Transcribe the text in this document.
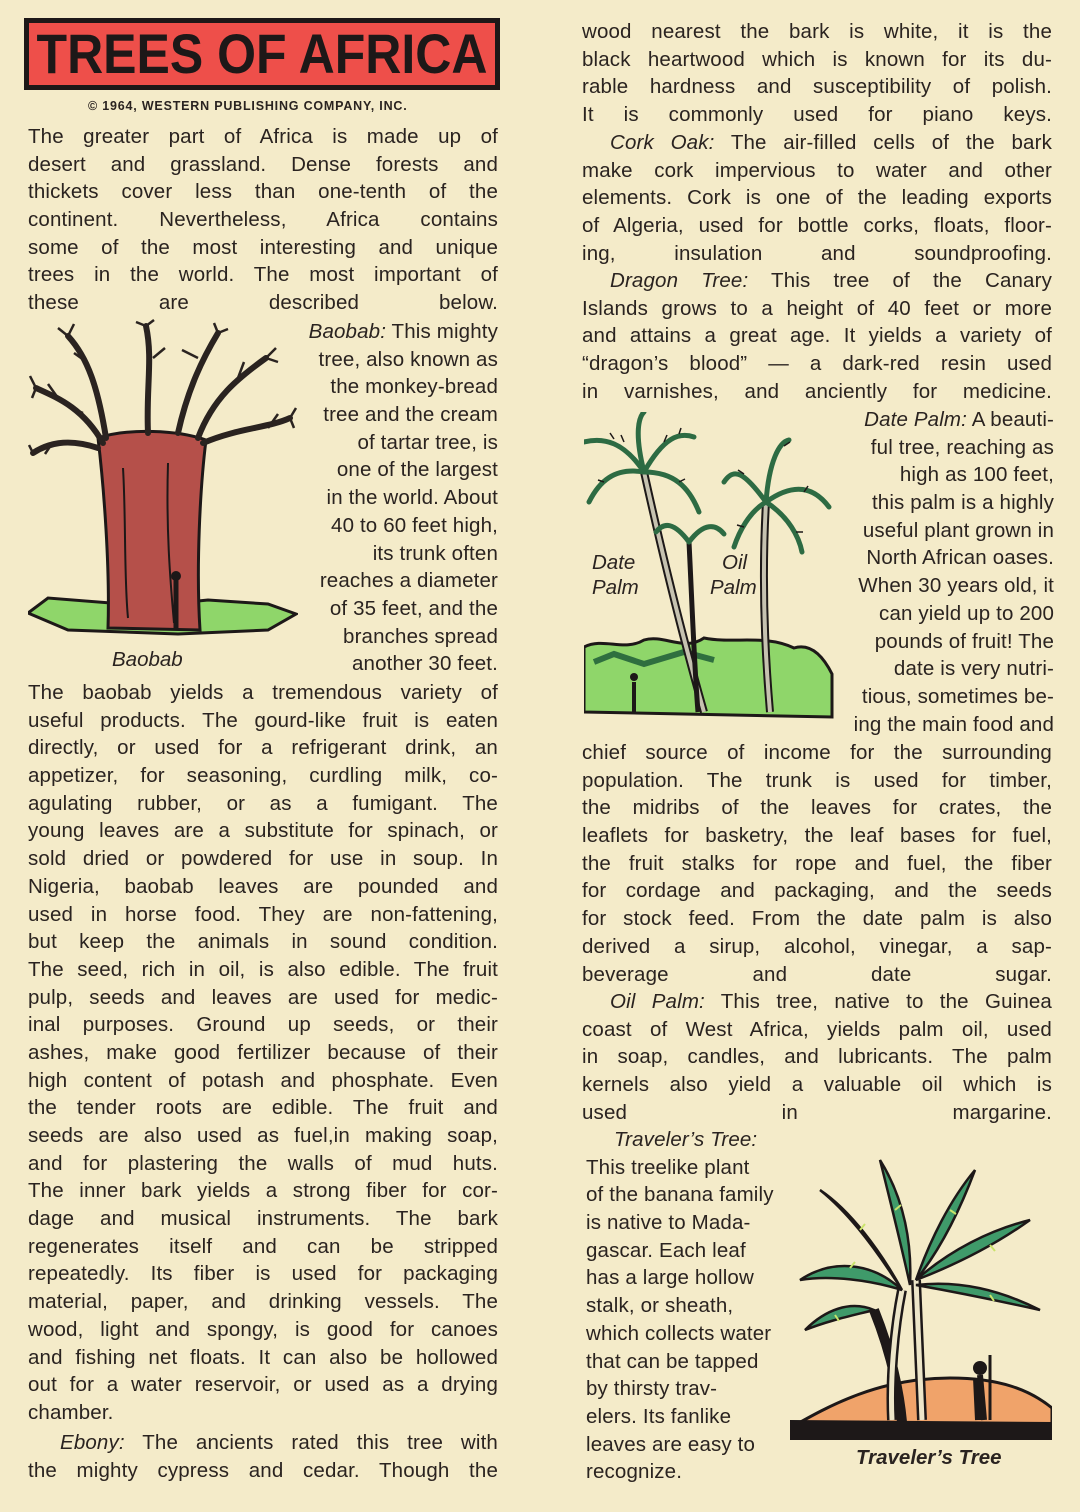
TREES OF AFRICA
© 1964, WESTERN PUBLISHING COMPANY, INC.
The greater part of Africa is made up of
desert and grassland. Dense forests and
thickets cover less than one-tenth of the
continent. Nevertheless, Africa contains
some of the most interesting and unique
trees in the world. The most important of
these are described below.
Baobab
Baobab: This mighty
tree, also known as
the monkey-bread
tree and the cream
of tartar tree, is
one of the largest
in the world. About
40 to 60 feet high,
its trunk often
reaches a diameter
of 35 feet, and the
branches spread
another 30 feet.
The baobab yields a tremendous variety of
useful products. The gourd-like fruit is eaten
directly, or used for a refrigerant drink, an
appetizer, for seasoning, curdling milk, co-
agulating rubber, or as a fumigant. The
young leaves are a substitute for spinach, or
sold dried or powdered for use in soup. In
Nigeria, baobab leaves are pounded and
used in horse food. They are non-fattening,
but keep the animals in sound condition.
The seed, rich in oil, is also edible. The fruit
pulp, seeds and leaves are used for medic-
inal purposes. Ground up seeds, or their
ashes, make good fertilizer because of their
high content of potash and phosphate. Even
the tender roots are edible. The fruit and
seeds are also used as fuel,in making soap,
and for plastering the walls of mud huts.
The inner bark yields a strong fiber for cor-
dage and musical instruments. The bark
regenerates itself and can be stripped
repeatedly. Its fiber is used for packaging
material, paper, and drinking vessels. The
wood, light and spongy, is good for canoes
and fishing net floats. It can also be hollowed
out for a water reservoir, or used as a drying
chamber.
Ebony: The ancients rated this tree with
the mighty cypress and cedar. Though the
wood nearest the bark is white, it is the
black heartwood which is known for its du-
rable hardness and susceptibility of polish.
It is commonly used for piano keys.
Cork Oak: The air-filled cells of the bark
make cork impervious to water and other
elements. Cork is one of the leading exports
of Algeria, used for bottle corks, floats, floor-
ing, insulation and soundproofing.
Dragon Tree: This tree of the Canary
Islands grows to a height of 40 feet or more
and attains a great age. It yields a variety of
“dragon’s blood” — a dark-red resin used
in varnishes, and anciently for medicine.
Date
Palm
Oil
Palm
Date Palm: A beauti-
ful tree, reaching as
high as 100 feet,
this palm is a highly
useful plant grown in
North African oases.
When 30 years old, it
can yield up to 200
pounds of fruit! The
date is very nutri-
tious, sometimes be-
ing the main food and
chief source of income for the surrounding
population. The trunk is used for timber,
the midribs of the leaves for crates, the
leaflets for basketry, the leaf bases for fuel,
the fruit stalks for rope and fuel, the fiber
for cordage and packaging, and the seeds
for stock feed. From the date palm is also
derived a sirup, alcohol, vinegar, a sap-
beverage and date sugar.
Oil Palm: This tree, native to the Guinea
coast of West Africa, yields palm oil, used
in soap, candles, and lubricants. The palm
kernels also yield a valuable oil which is
used in margarine.
Traveler’s Tree:
This treelike plant
of the banana family
is native to Mada-
gascar. Each leaf
has a large hollow
stalk, or sheath,
which collects water
that can be tapped
by thirsty trav-
elers. Its fanlike
leaves are easy to
recognize.
Traveler’s Tree
